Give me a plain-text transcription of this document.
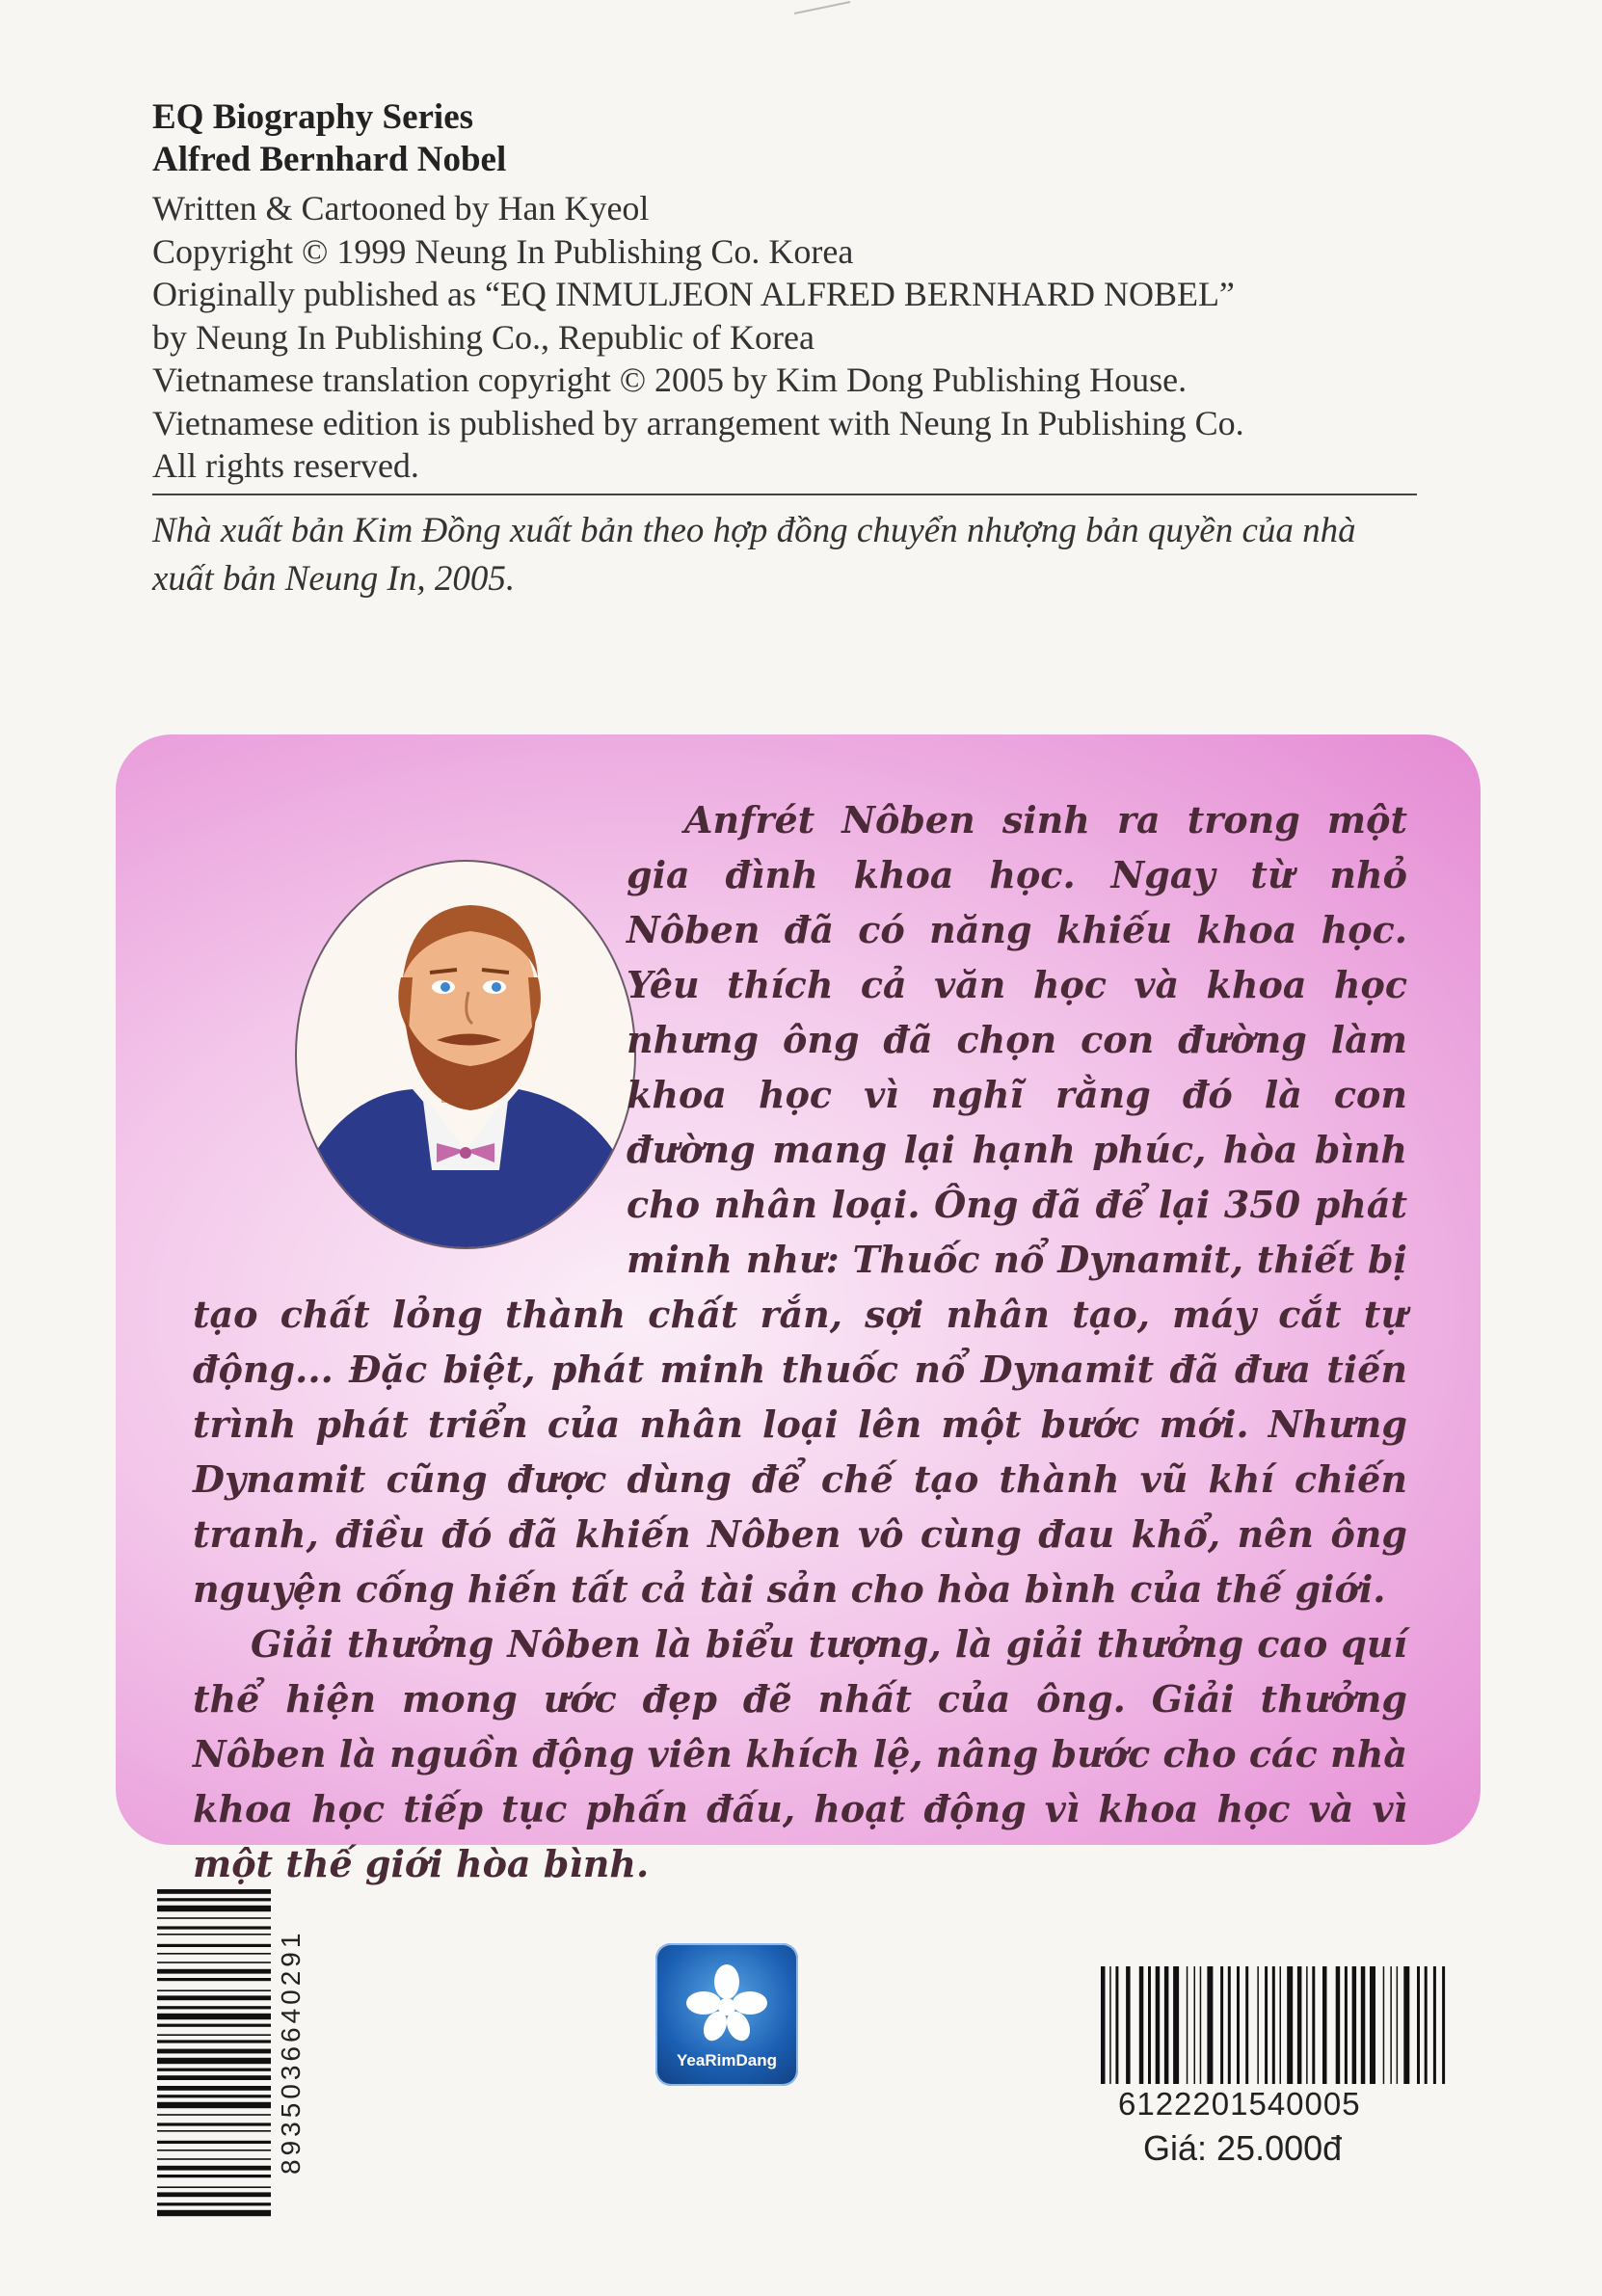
EQ Biography Series
Alfred Bernhard Nobel
Written & Cartooned by Han Kyeol
Copyright © 1999 Neung In Publishing Co. Korea
Originally published as “EQ INMULJEON ALFRED BERNHARD NOBEL”
by Neung In Publishing Co., Republic of Korea
Vietnamese translation copyright © 2005 by Kim Dong Publishing House.
Vietnamese edition is published by arrangement with Neung In Publishing Co.
All rights reserved.
Nhà xuất bản Kim Đồng xuất bản theo hợp đồng chuyển nhượng bản quyền của nhà xuất bản Neung In, 2005.

Anfrét Nôben sinh ra trong một gia đình khoa học. Ngay từ nhỏ Nôben đã có năng khiếu khoa học. Yêu thích cả văn học và khoa học nhưng ông đã chọn con đường làm khoa học vì nghĩ rằng đó là con đường mang lại hạnh phúc, hòa bình cho nhân loại. Ông đã để lại 350 phát minh như: Thuốc nổ Dynamit, thiết bị tạo chất lỏng thành chất rắn, sợi nhân tạo, máy cắt tự động... Đặc biệt, phát minh thuốc nổ Dynamit đã đưa tiến trình phát triển của nhân loại lên một bước mới. Nhưng Dynamit cũng được dùng để chế tạo thành vũ khí chiến tranh, điều đó đã khiến Nôben vô cùng đau khổ, nên ông nguyện cống hiến tất cả tài sản cho hòa bình của thế giới.

Giải thưởng Nôben là biểu tượng, là giải thưởng cao quí thể hiện mong ước đẹp đẽ nhất của ông. Giải thưởng Nôben là nguồn động viên khích lệ, nâng bước cho các nhà khoa học tiếp tục phấn đấu, hoạt động vì khoa học và vì một thế giới hòa bình.

8935036640291	YeaRimDang
6122201540005
Giá: 25.000đ
